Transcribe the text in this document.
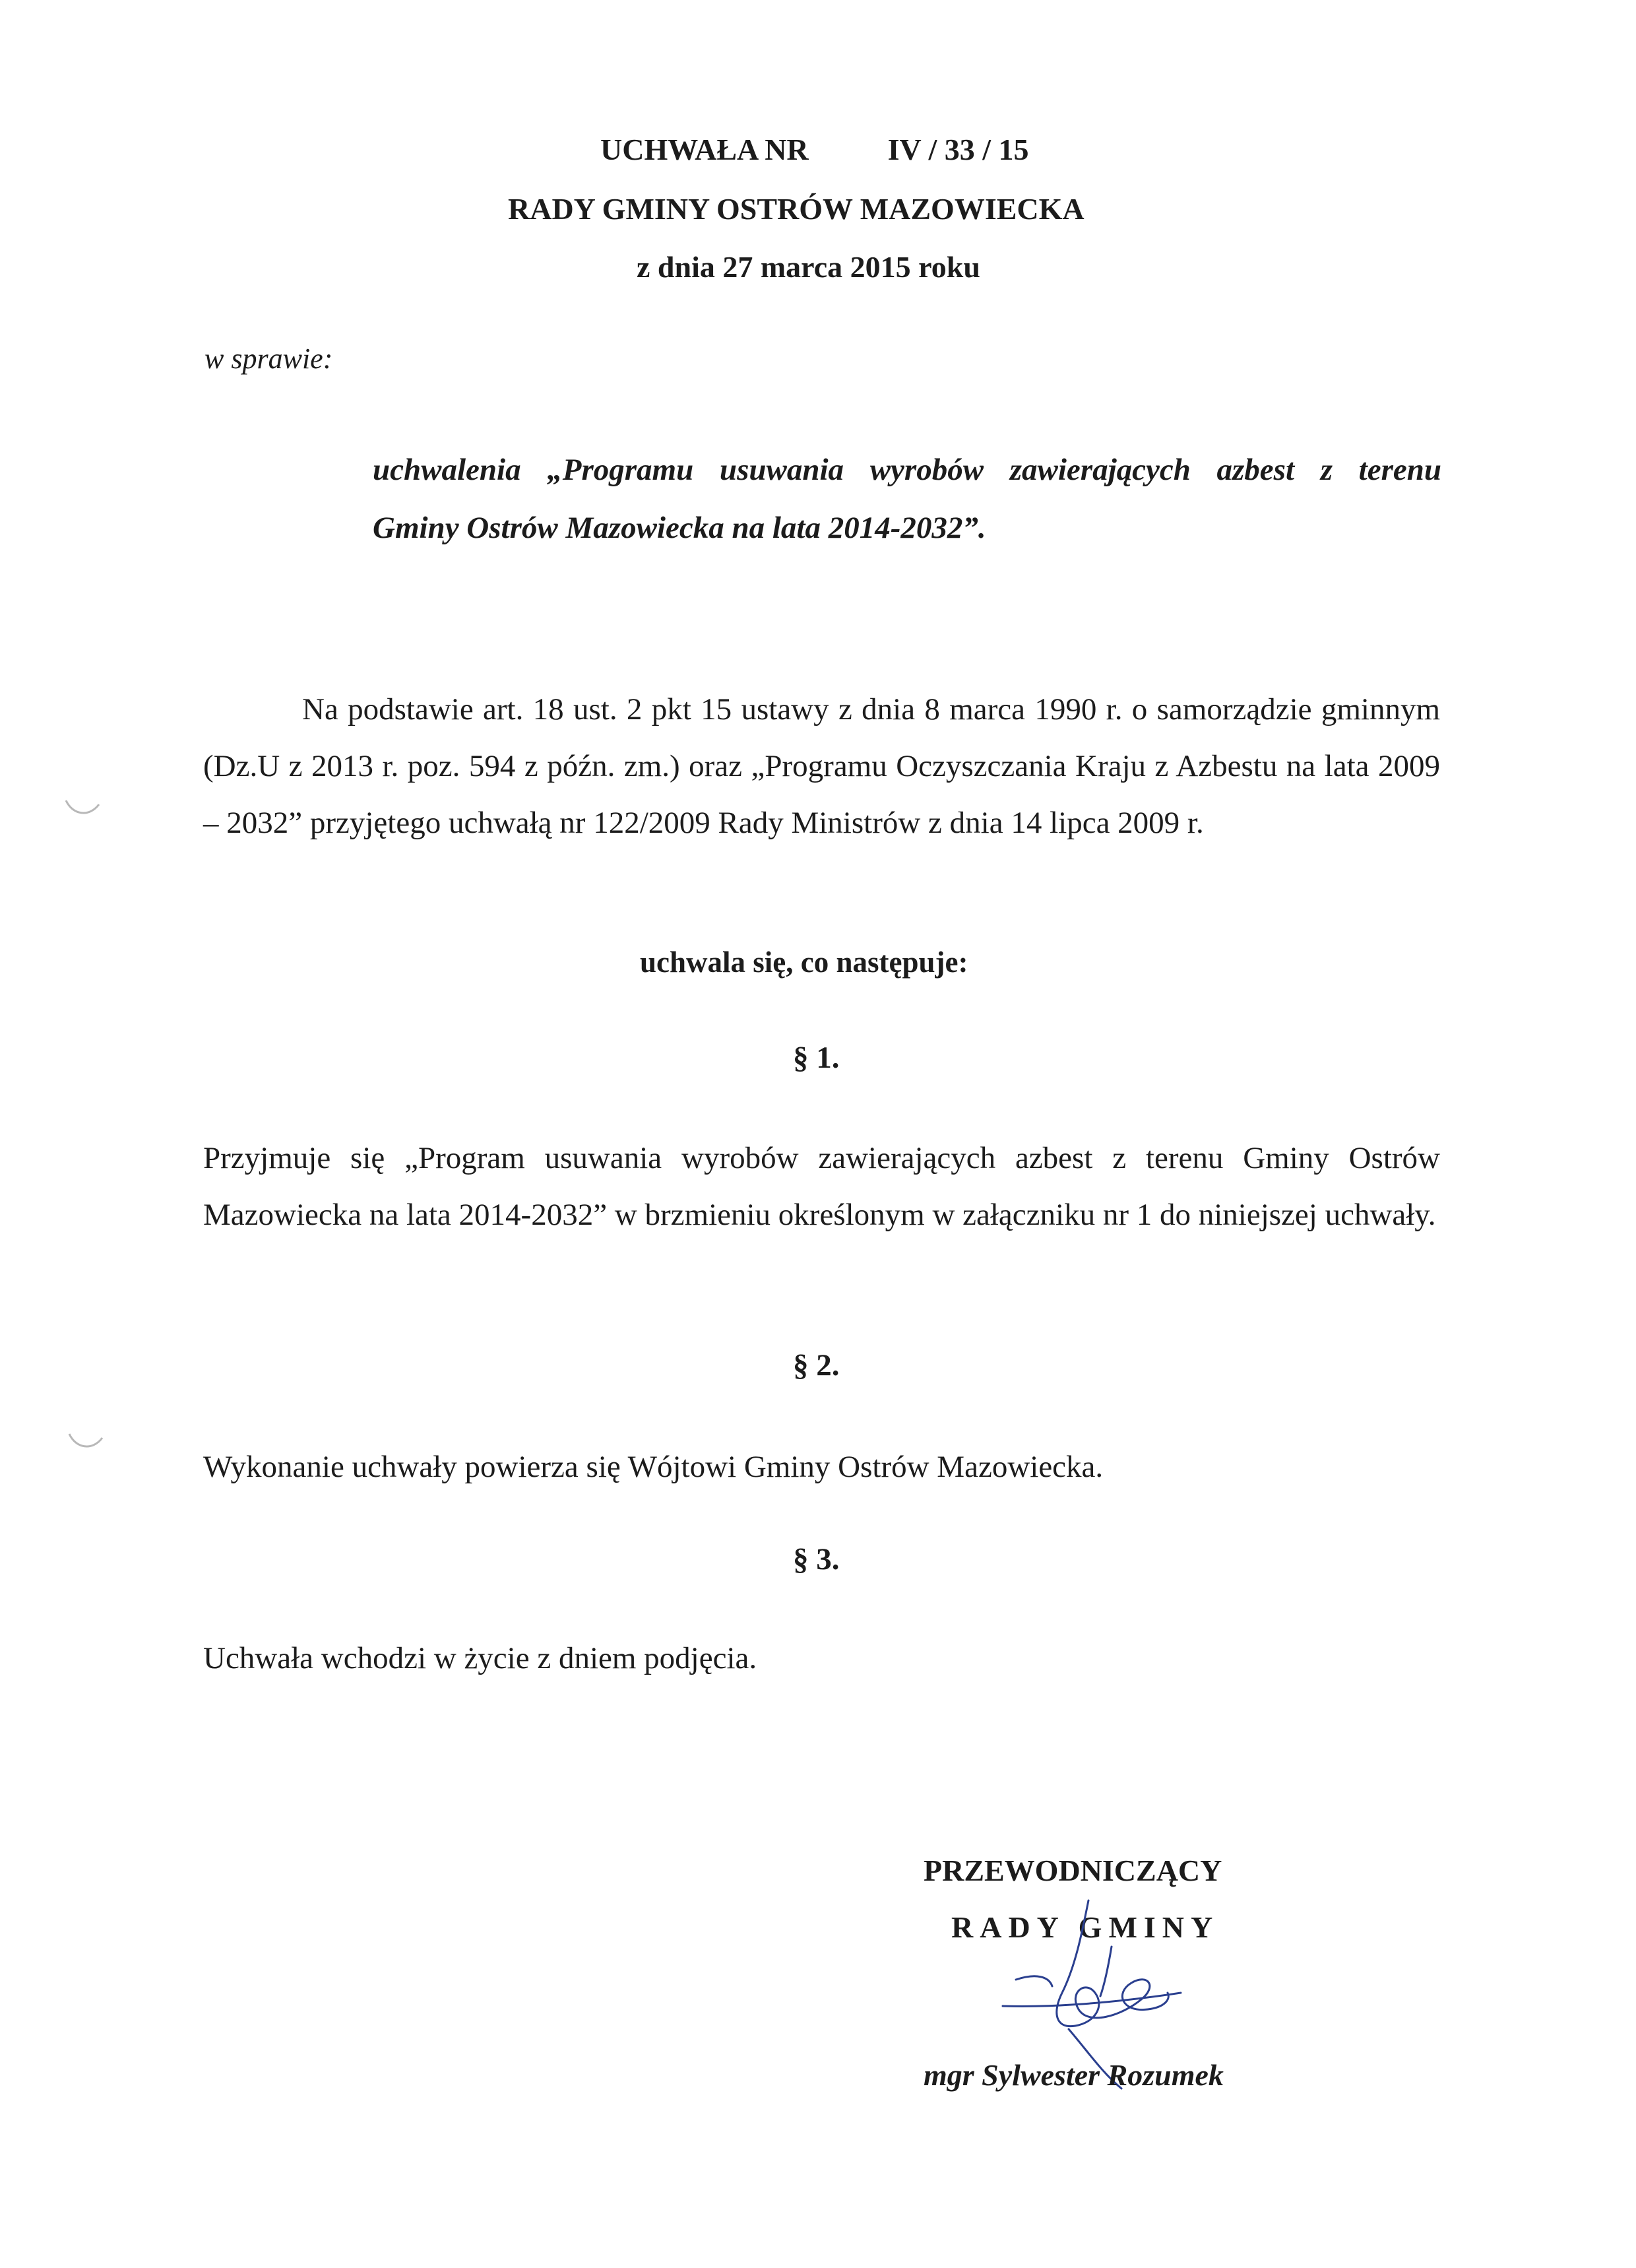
UCHWAŁA NR	IV / 33 / 15
RADY GMINY OSTRÓW MAZOWIECKA
z dnia 27 marca 2015 roku
w sprawie:
uchwalenia „Programu usuwania wyrobów zawierających azbest z terenu
Gminy Ostrów Mazowiecka na lata 2014-2032”.
Na podstawie art. 18 ust. 2 pkt 15 ustawy z dnia 8 marca 1990 r. o samorządzie gminnym (Dz.U z 2013 r. poz. 594 z późn. zm.) oraz „Programu Oczyszczania Kraju z Azbestu na lata 2009 – 2032” przyjętego uchwałą nr 122/2009 Rady Ministrów z dnia 14 lipca 2009 r.
uchwala się, co następuje:
§ 1.
Przyjmuje się „Program usuwania wyrobów zawierających azbest z terenu Gminy Ostrów Mazowiecka na lata 2014-2032” w brzmieniu określonym w załączniku nr 1 do niniejszej uchwały.
§ 2.
Wykonanie uchwały powierza się Wójtowi Gminy Ostrów Mazowiecka.
§ 3.
Uchwała wchodzi w życie z dniem podjęcia.
PRZEWODNICZĄCY
RADY GMINY
mgr Sylwester Rozumek
